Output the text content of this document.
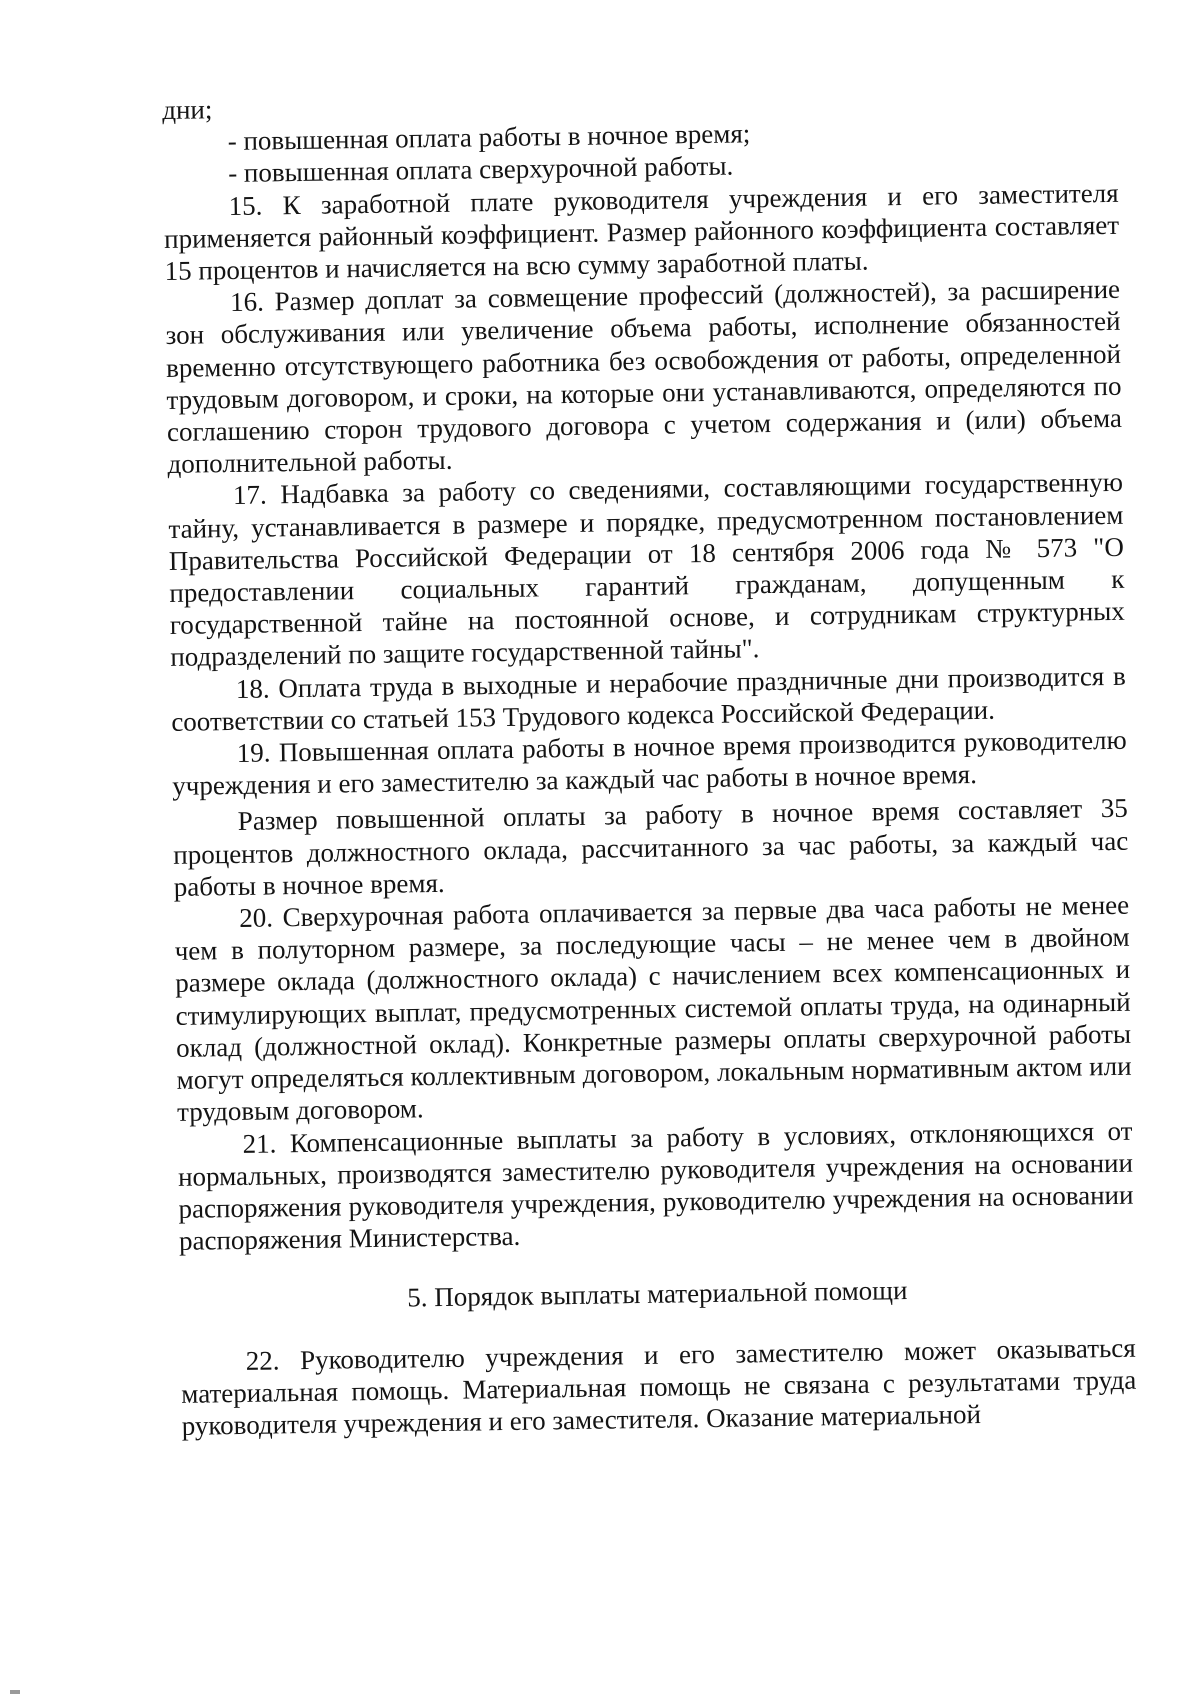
дни;

- повышенная оплата работы в ночное время;

- повышенная оплата сверхурочной работы.

15. К заработной плате руководителя учреждения и его заместителя применяется районный коэффициент. Размер районного коэффициента составляет 15 процентов и начисляется на всю сумму заработной платы.

16. Размер доплат за совмещение профессий (должностей), за расширение зон обслуживания или увеличение объема работы, исполнение обязанностей временно отсутствующего работника без освобождения от работы, определенной трудовым договором, и сроки, на которые они устанавливаются, определяются по соглашению сторон трудового договора с учетом содержания и (или) объема дополнительной работы.

17. Надбавка за работу со сведениями, составляющими государственную тайну, устанавливается в размере и порядке, предусмотренном постановлением Правительства Российской Федерации от 18 сентября 2006 года № 573 "О предоставлении социальных гарантий гражданам, допущенным к государственной тайне на постоянной основе, и сотрудникам структурных подразделений по защите государственной тайны".

18. Оплата труда в выходные и нерабочие праздничные дни производится в соответствии со статьей 153 Трудового кодекса Российской Федерации.

19. Повышенная оплата работы в ночное время производится руководителю учреждения и его заместителю за каждый час работы в ночное время.

Размер повышенной оплаты за работу в ночное время составляет 35 процентов должностного оклада, рассчитанного за час работы, за каждый час работы в ночное время.

20. Сверхурочная работа оплачивается за первые два часа работы не менее чем в полуторном размере, за последующие часы – не менее чем в двойном размере оклада (должностного оклада) с начислением всех компенсационных и стимулирующих выплат, предусмотренных системой оплаты труда, на одинарный оклад (должностной оклад). Конкретные размеры оплаты сверхурочной работы могут определяться коллективным договором, локальным нормативным актом или трудовым договором.

21. Компенсационные выплаты за работу в условиях, отклоняющихся от нормальных, производятся заместителю руководителя учреждения на основании распоряжения руководителя учреждения, руководителю учреждения на основании распоряжения Министерства.

5. Порядок выплаты материальной помощи

22. Руководителю учреждения и его заместителю может оказываться материальная помощь. Материальная помощь не связана с результатами труда руководителя учреждения и его заместителя. Оказание материальной
